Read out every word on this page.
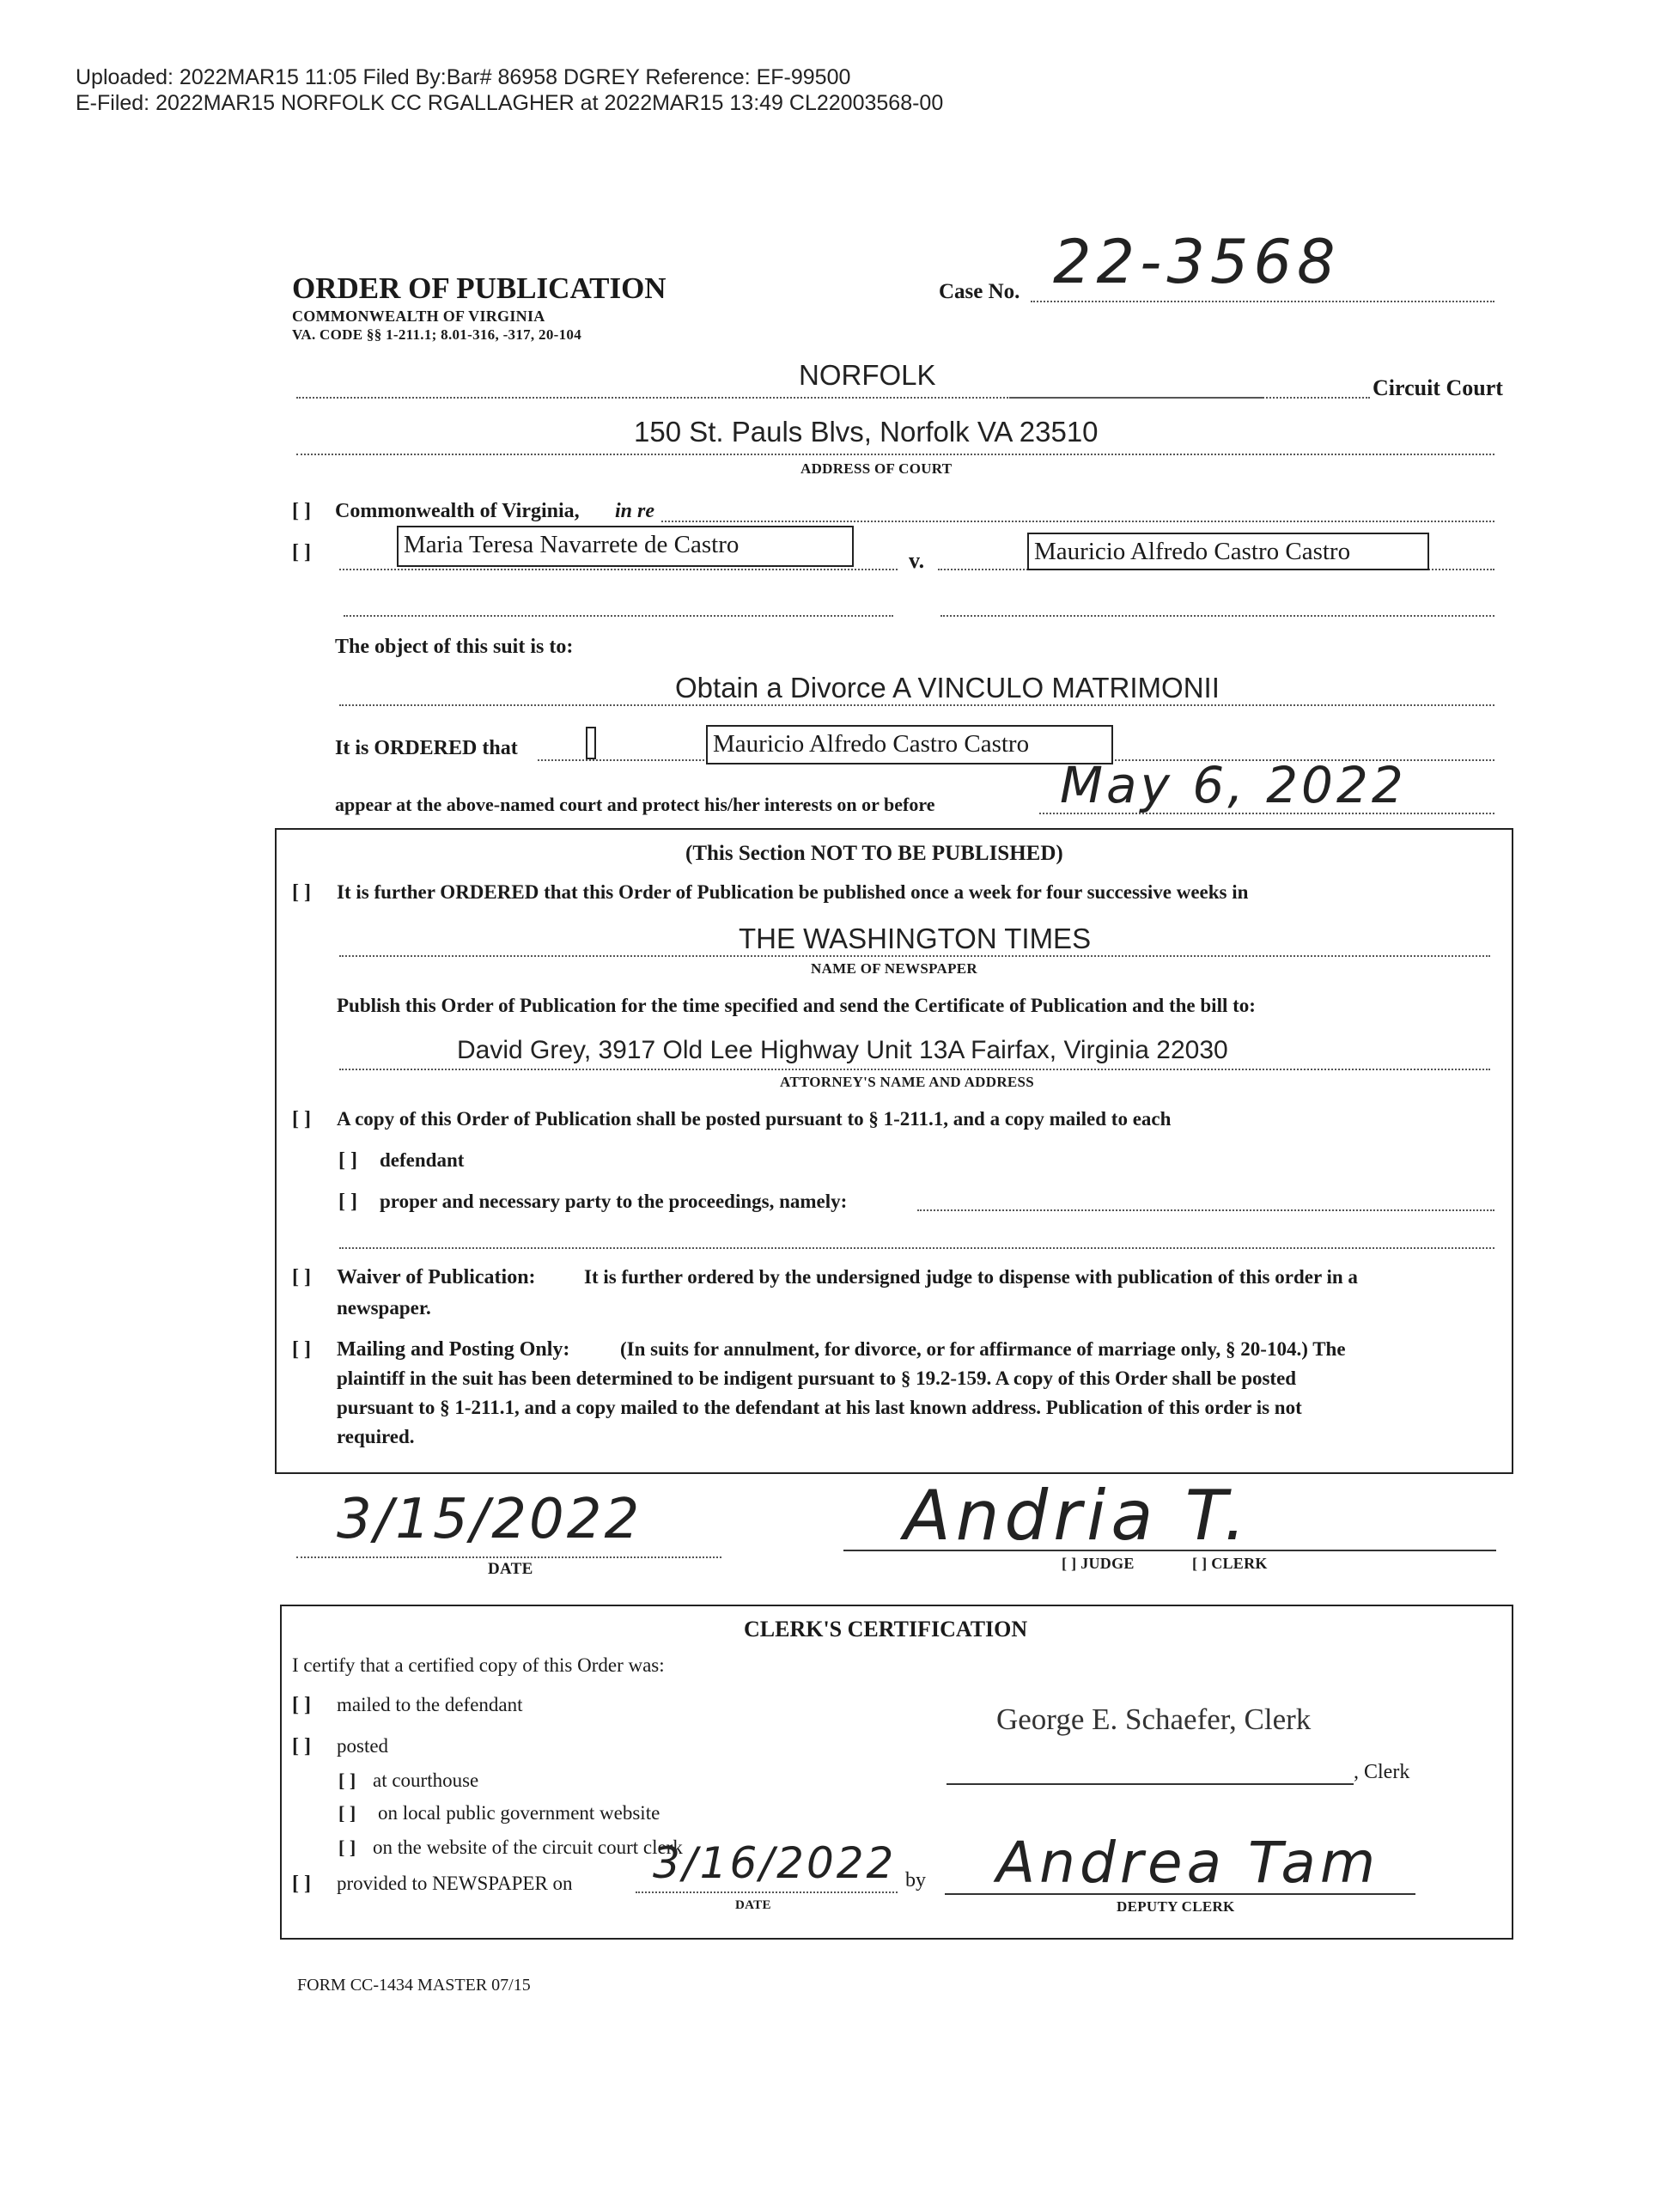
Uploaded: 2022MAR15 11:05 Filed By:Bar# 86958 DGREY Reference: EF-99500
E-Filed: 2022MAR15 NORFOLK CC RGALLAGHER at 2022MAR15 13:49 CL22003568-00
ORDER OF PUBLICATION
COMMONWEALTH OF VIRGINIA
VA. CODE §§ 1-211.1; 8.01-316, -317, 20-104
Case No. 22-3568
NORFOLK	Circuit Court
150 St. Pauls Blvs, Norfolk VA 23510
ADDRESS OF COURT
[ ] Commonwealth of Virginia, in re
[ ]	Maria Teresa Navarrete de Castro
v.	Mauricio Alfredo Castro Castro
The object of this suit is to:
Obtain a Divorce A VINCULO MATRIMONII
It is ORDERED that	Mauricio Alfredo Castro Castro
appear at the above-named court and protect his/her interests on or before	May 6, 2022
(This Section NOT TO BE PUBLISHED)
[ ] It is further ORDERED that this Order of Publication be published once a week for four successive weeks in
THE WASHINGTON TIMES
NAME OF NEWSPAPER
Publish this Order of Publication for the time specified and send the Certificate of Publication and the bill to:
David Grey, 3917 Old Lee Highway Unit 13A Fairfax, Virginia 22030
ATTORNEY'S NAME AND ADDRESS
[ ] A copy of this Order of Publication shall be posted pursuant to § 1-211.1, and a copy mailed to each
[ ] defendant
[ ] proper and necessary party to the proceedings, namely:
[ ] Waiver of Publication: It is further ordered by the undersigned judge to dispense with publication of this order in a
newspaper.
[ ] Mailing and Posting Only:	(In suits for annulment, for divorce, or for affirmance of marriage only, § 20-104.) The
plaintiff in the suit has been determined to be indigent pursuant to § 19.2-159. A copy of this Order shall be posted
pursuant to § 1-211.1, and a copy mailed to the defendant at his last known address. Publication of this order is not
required.
3/15/2022
DATE
Andria T.
[ ] JUDGE	[ ] CLERK
CLERK'S CERTIFICATION
I certify that a certified copy of this Order was:
[ ] mailed to the defendant
[ ] posted
[ ] at courthouse
[ ] on local public government website
[ ] on the website of the circuit court clerk
[ ] provided to NEWSPAPER on 3/16/2022
DATE
by
George E. Schaefer, Clerk
, Clerk
Andrea Tam
DEPUTY CLERK
FORM CC-1434 MASTER 07/15
